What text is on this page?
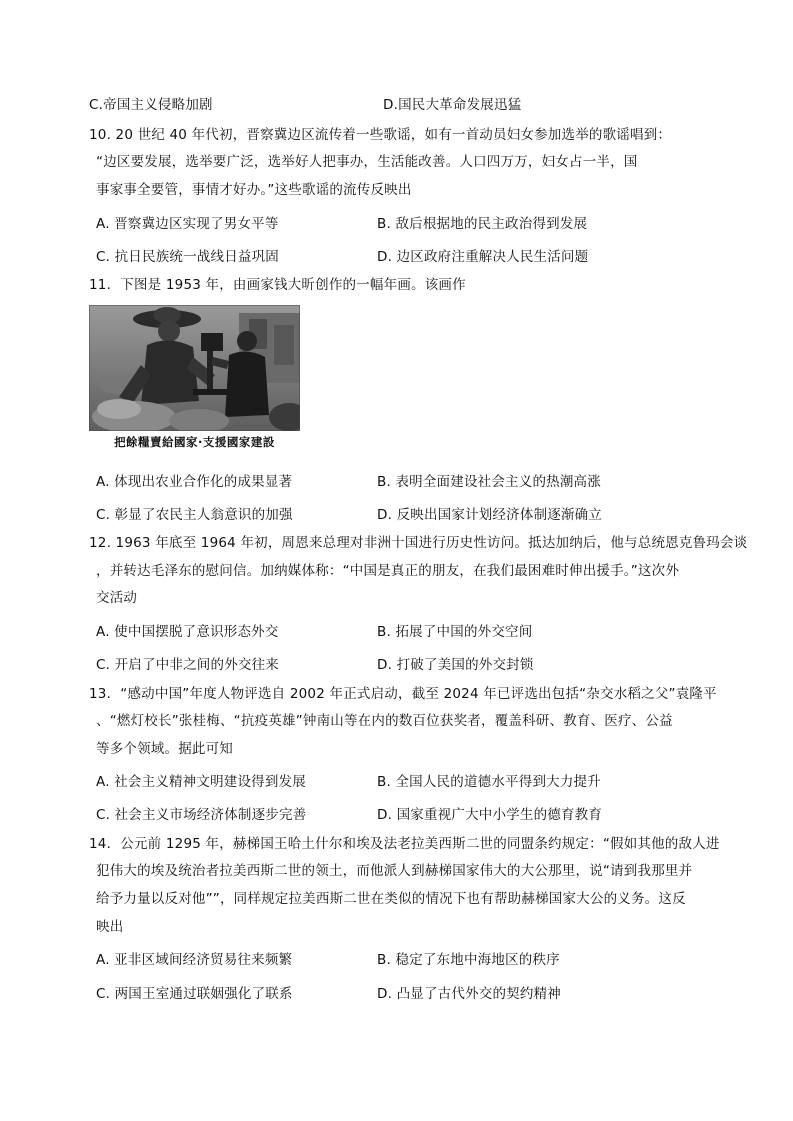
C.帝国主义侵略加剧	D.国民大革命发展迅猛
10. 20 世纪 40 年代初，晋察冀边区流传着一些歌谣，如有一首动员妇女参加选举的歌谣唱到：
“边区要发展，选举要广泛，选举好人把事办，生活能改善。人口四万万，妇女占一半，国
事家事全要管，事情才好办。”这些歌谣的流传反映出
A. 晋察冀边区实现了男女平等	B. 敌后根据地的民主政治得到发展
C. 抗日民族统一战线日益巩固	D. 边区政府注重解决人民生活问题
11．下图是 1953 年，由画家钱大昕创作的一幅年画。该画作
把餘糧賣給國家·支援國家建設
A. 体现出农业合作化的成果显著	B. 表明全面建设社会主义的热潮高涨
C. 彰显了农民主人翁意识的加强	D. 反映出国家计划经济体制逐渐确立
12. 1963 年底至 1964 年初，周恩来总理对非洲十国进行历史性访问。抵达加纳后，他与总统恩克鲁玛会谈
，并转达毛泽东的慰问信。加纳媒体称：“中国是真正的朋友，在我们最困难时伸出援手。”这次外
交活动
A. 使中国摆脱了意识形态外交	B. 拓展了中国的外交空间
C. 开启了中非之间的外交往来	D. 打破了美国的外交封锁
13．“感动中国”年度人物评选自 2002 年正式启动，截至 2024 年已评选出包括“杂交水稻之父”袁隆平
、“燃灯校长”张桂梅、“抗疫英雄”钟南山等在内的数百位获奖者，覆盖科研、教育、医疗、公益
等多个领域。据此可知
A. 社会主义精神文明建设得到发展	B. 全国人民的道德水平得到大力提升
C. 社会主义市场经济体制逐步完善	D. 国家重视广大中小学生的德育教育
14．公元前 1295 年，赫梯国王哈土什尔和埃及法老拉美西斯二世的同盟条约规定：“假如其他的敌人进
犯伟大的埃及统治者拉美西斯二世的领土，而他派人到赫梯国家伟大的大公那里，说“请到我那里并
给予力量以反对他””，同样规定拉美西斯二世在类似的情况下也有帮助赫梯国家大公的义务。这反
映出
A. 亚非区域间经济贸易往来频繁	B. 稳定了东地中海地区的秩序
C. 两国王室通过联姻强化了联系	D. 凸显了古代外交的契约精神
